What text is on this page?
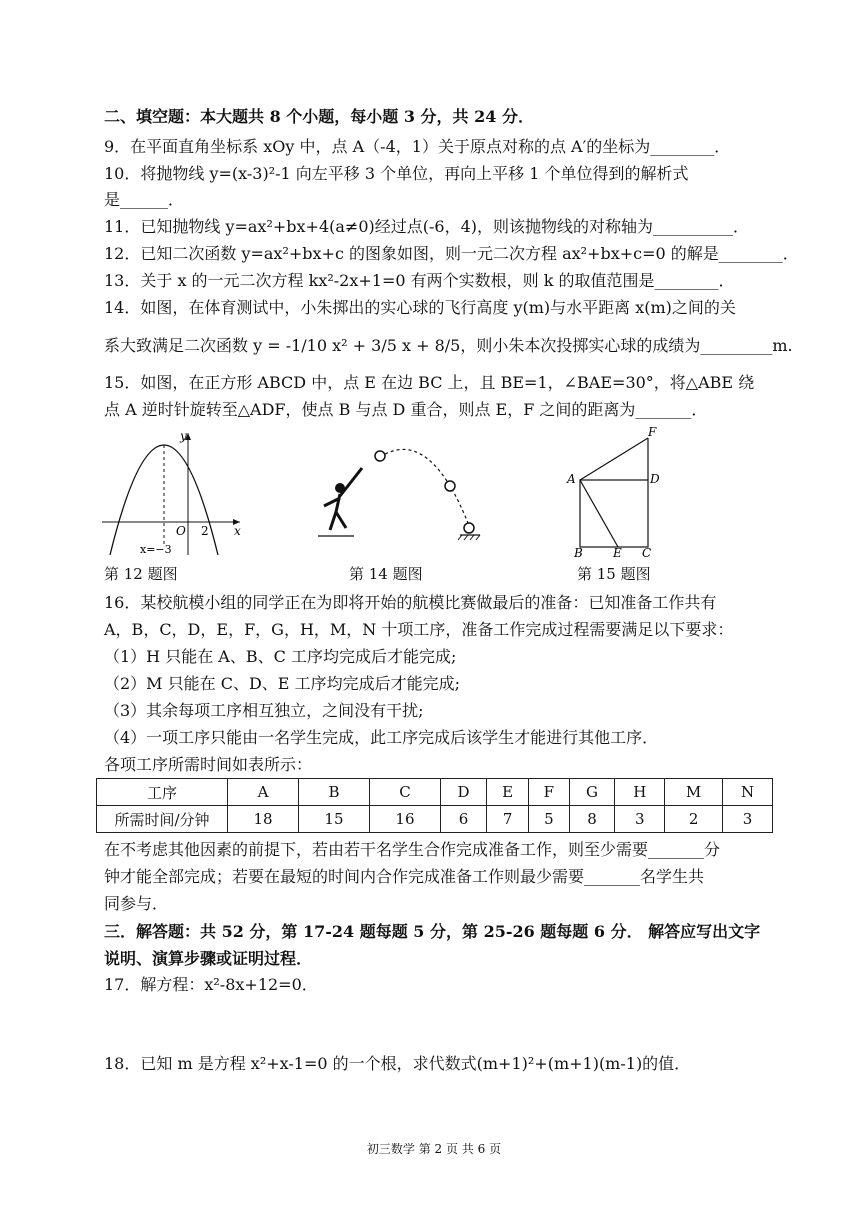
二、填空题：本大题共 8 个小题，每小题 3 分，共 24 分．
9．在平面直角坐标系 xOy 中，点 A（-4，1）关于原点对称的点 A′的坐标为________．
10．将抛物线 y=(x-3)²-1 向左平移 3 个单位，再向上平移 1 个单位得到的解析式
是______．
11．已知抛物线 y=ax²+bx+4(a≠0)经过点(-6，4)，则该抛物线的对称轴为__________．
12．已知二次函数 y=ax²+bx+c 的图象如图，则一元二次方程 ax²+bx+c=0 的解是________．
13．关于 x 的一元二次方程 kx²-2x+1=0 有两个实数根，则 k 的取值范围是________．
14．如图，在体育测试中，小朱掷出的实心球的飞行高度 y(m)与水平距离 x(m)之间的关
系大致满足二次函数 y = -1/10 x² + 3/5 x + 8/5，则小朱本次投掷实心球的成绩为_________m.
15．如图，在正方形 ABCD 中，点 E 在边 BC 上，且 BE=1，∠BAE=30°，将△ABE 绕
点 A 逆时针旋转至△ADF，使点 B 与点 D 重合，则点 E，F 之间的距离为_______．
y
x
O 2
x=−3
第 12 题图	第 14 题图
F
A	D
B	E C
第 15 题图
16．某校航模小组的同学正在为即将开始的航模比赛做最后的准备：已知准备工作共有
A，B，C，D，E，F，G，H，M，N 十项工序，准备工作完成过程需要满足以下要求：
（1）H 只能在 A、B、C 工序均完成后才能完成;
（2）M 只能在 C、D、E 工序均完成后才能完成;
（3）其余每项工序相互独立，之间没有干扰;
（4）一项工序只能由一名学生完成，此工序完成后该学生才能进行其他工序．
各项工序所需时间如表所示：
工序	A	B	C	D	E	F	G	H	M	N
所需时间/分钟	18	15	16	6	7	5	8	3	2	3
在不考虑其他因素的前提下，若由若干名学生合作完成准备工作，则至少需要_______分
钟才能全部完成；若要在最短的时间内合作完成准备工作则最少需要_______名学生共
同参与．
三．解答题：共 52 分，第 17-24 题每题 5 分，第 25-26 题每题 6 分． 解答应写出文字
说明、演算步骤或证明过程．
17．解方程：x²-8x+12=0．
18．已知 m 是方程 x²+x-1=0 的一个根，求代数式(m+1)²+(m+1)(m-1)的值．
初三数学 第 2 页 共 6 页
